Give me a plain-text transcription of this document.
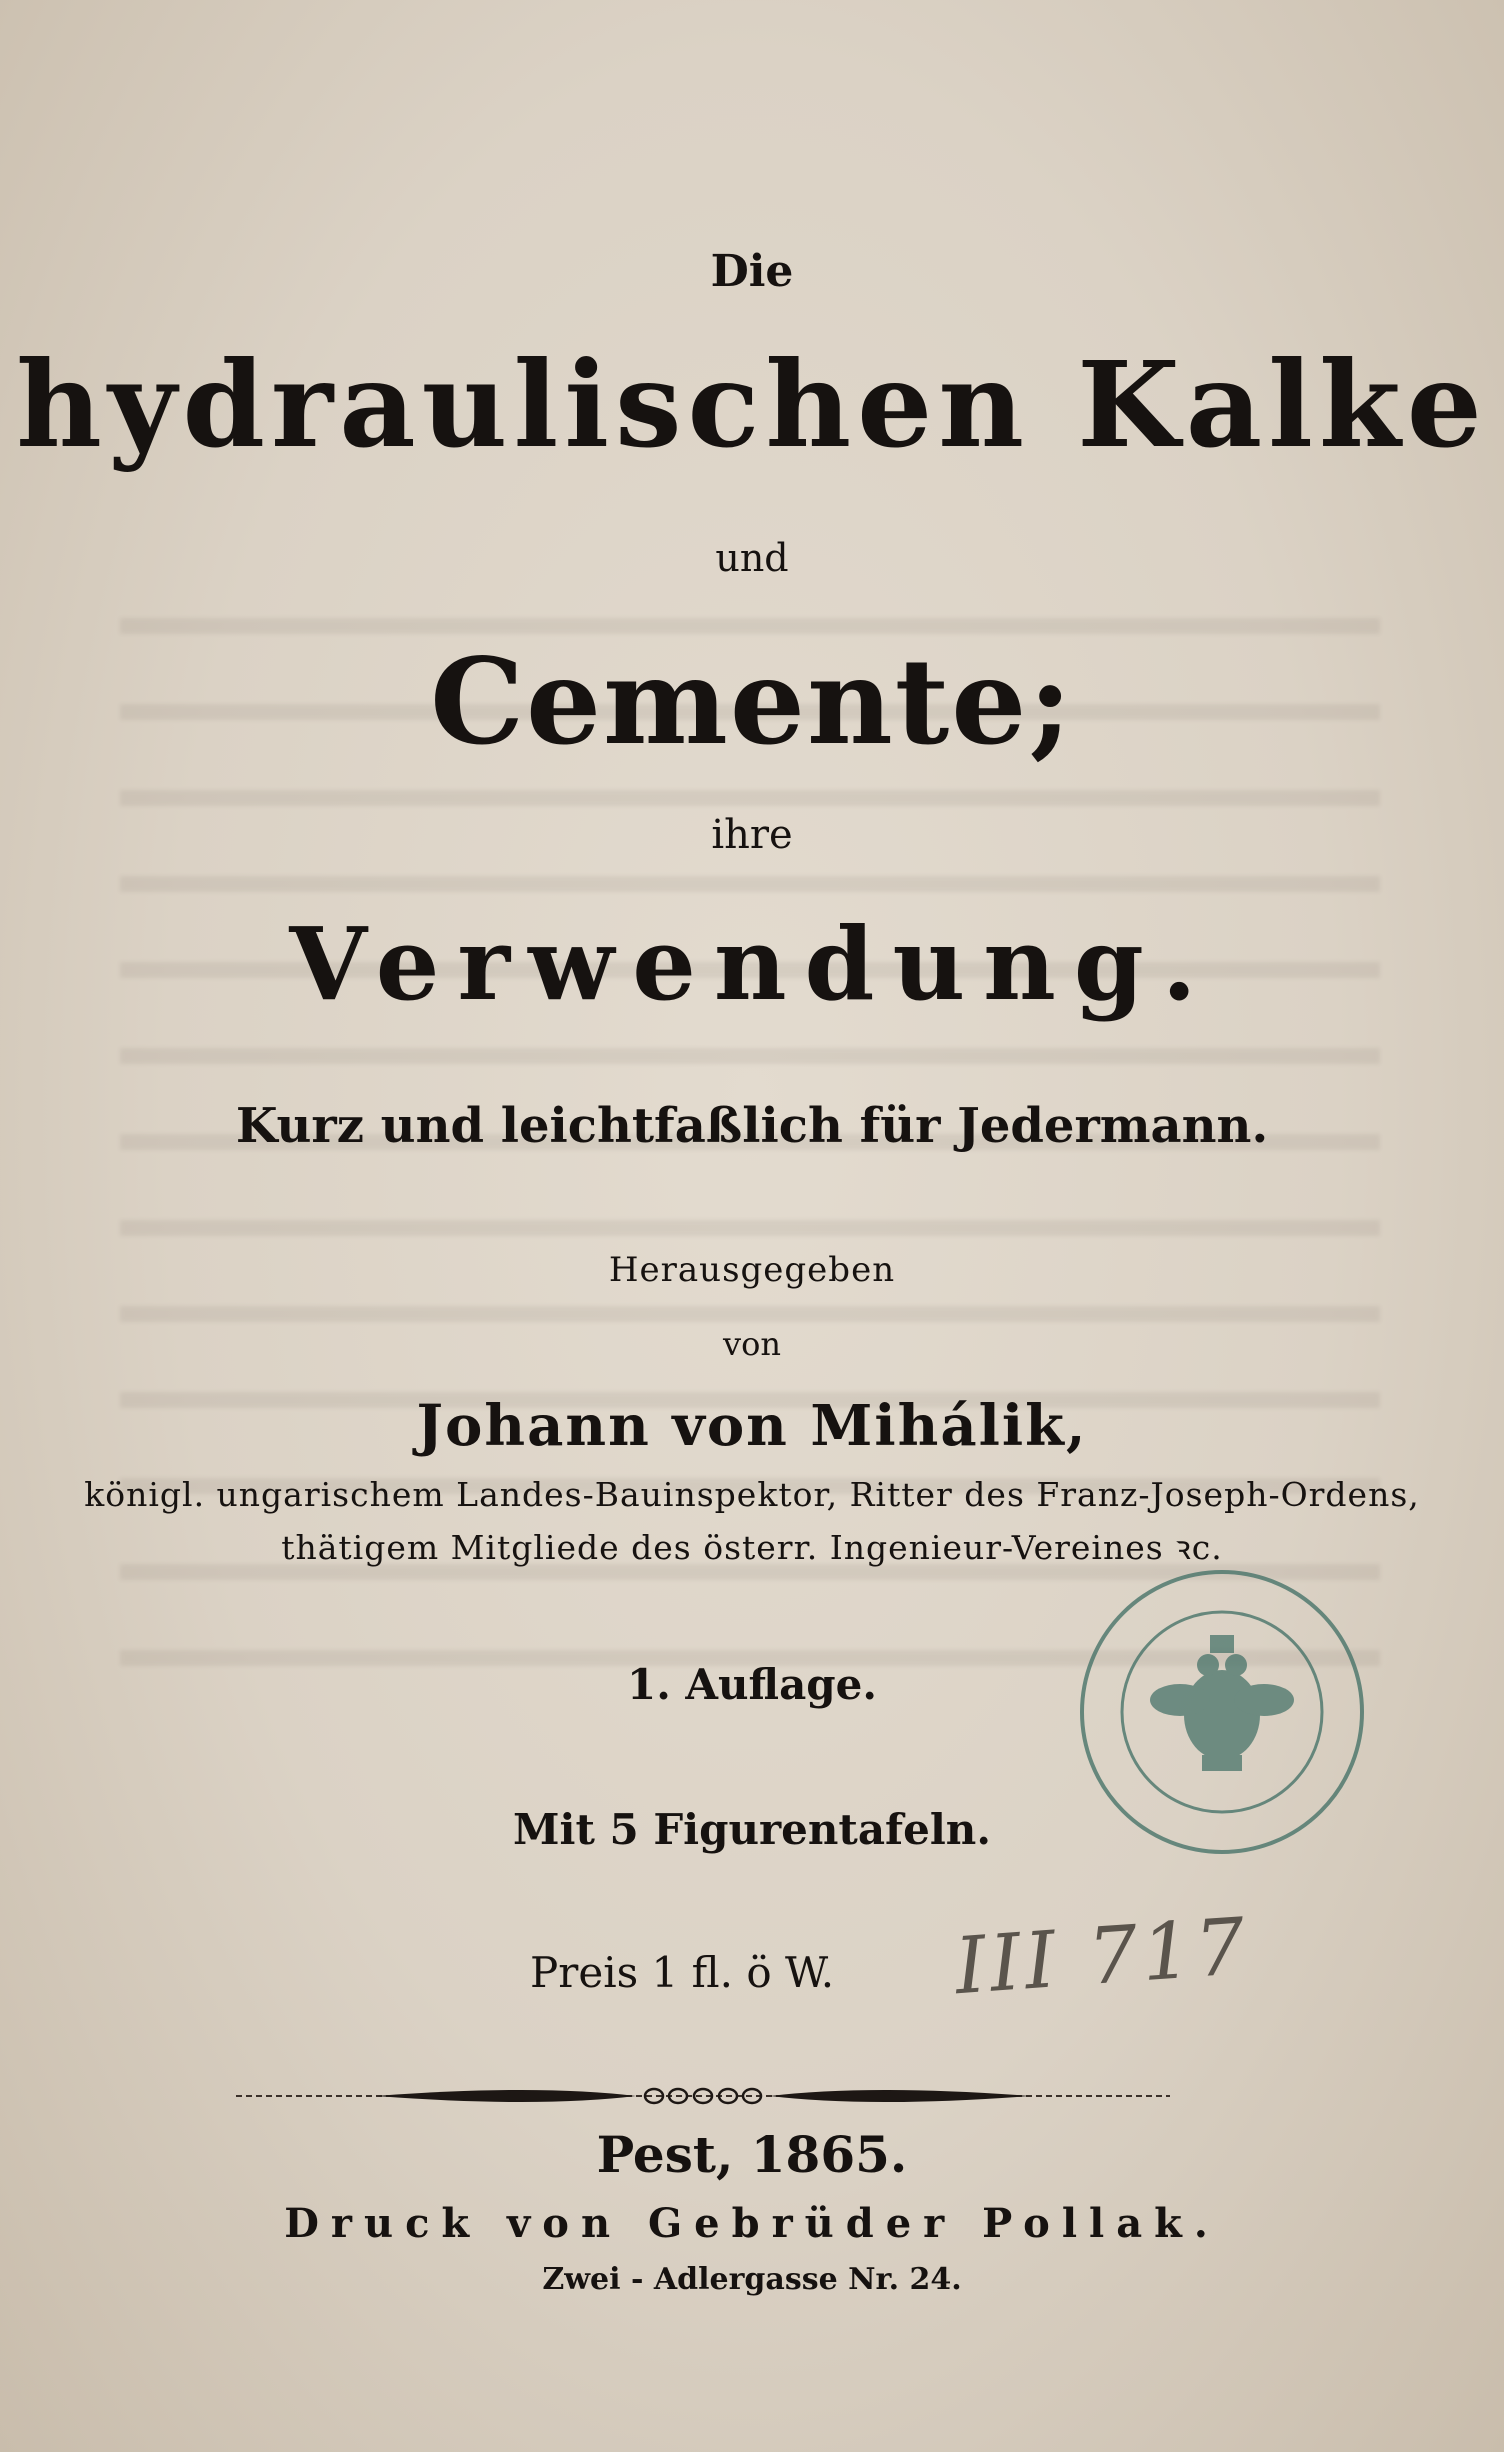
Die
hydraulischen Kalke
und
Cemente;
ihre
Verwendung.
Kurz und leichtfaßlich für Jedermann.
Herausgegeben
von
Johann von Mihálik,
königl. ungarischem Landes-Bauinspektor, Ritter des Franz-Joseph-Ordens,
thätigem Mitgliede des österr. Ingenieur-Vereines ꝛc.
1. Auflage.
Mit 5 Figurentafeln.
Preis 1 fl. ö W. III 717
Pest, 1865.
Druck von Gebrüder Pollak.
Zwei - Adlergasse Nr. 24.
